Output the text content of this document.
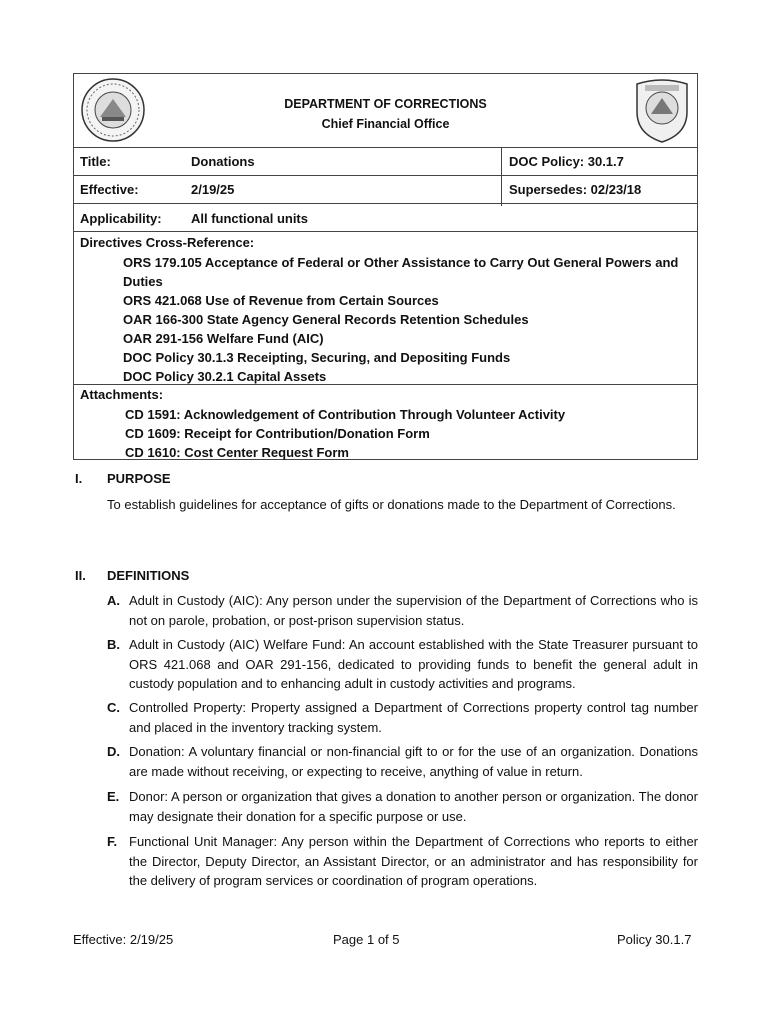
DEPARTMENT OF CORRECTIONS
Chief Financial Office
Title:	Donations	DOC Policy: 30.1.7
Effective:	2/19/25	Supersedes: 02/23/18
Applicability: All functional units
Directives Cross-Reference:
ORS 179.105 Acceptance of Federal or Other Assistance to Carry Out General Powers and
Duties
ORS 421.068 Use of Revenue from Certain Sources
OAR 166-300 State Agency General Records Retention Schedules
OAR 291-156 Welfare Fund (AIC)
DOC Policy 30.1.3 Receipting, Securing, and Depositing Funds
DOC Policy 30.2.1 Capital Assets
Attachments:
CD 1591: Acknowledgement of Contribution Through Volunteer Activity
CD 1609: Receipt for Contribution/Donation Form
CD 1610: Cost Center Request Form
I. PURPOSE
To establish guidelines for acceptance of gifts or donations made to the Department of Corrections.
II. DEFINITIONS
A. Adult in Custody (AIC): Any person under the supervision of the Department of Corrections who is not on parole, probation, or post-prison supervision status.
B. Adult in Custody (AIC) Welfare Fund: An account established with the State Treasurer pursuant to ORS 421.068 and OAR 291-156, dedicated to providing funds to benefit the general adult in custody population and to enhancing adult in custody activities and programs.
C. Controlled Property: Property assigned a Department of Corrections property control tag number and placed in the inventory tracking system.
D. Donation: A voluntary financial or non-financial gift to or for the use of an organization. Donations are made without receiving, or expecting to receive, anything of value in return.
E. Donor: A person or organization that gives a donation to another person or organization. The donor may designate their donation for a specific purpose or use.
F. Functional Unit Manager: Any person within the Department of Corrections who reports to either the Director, Deputy Director, an Assistant Director, or an administrator and has responsibility for the delivery of program services or coordination of program operations.
Effective: 2/19/25	Page 1 of 5	Policy 30.1.7
